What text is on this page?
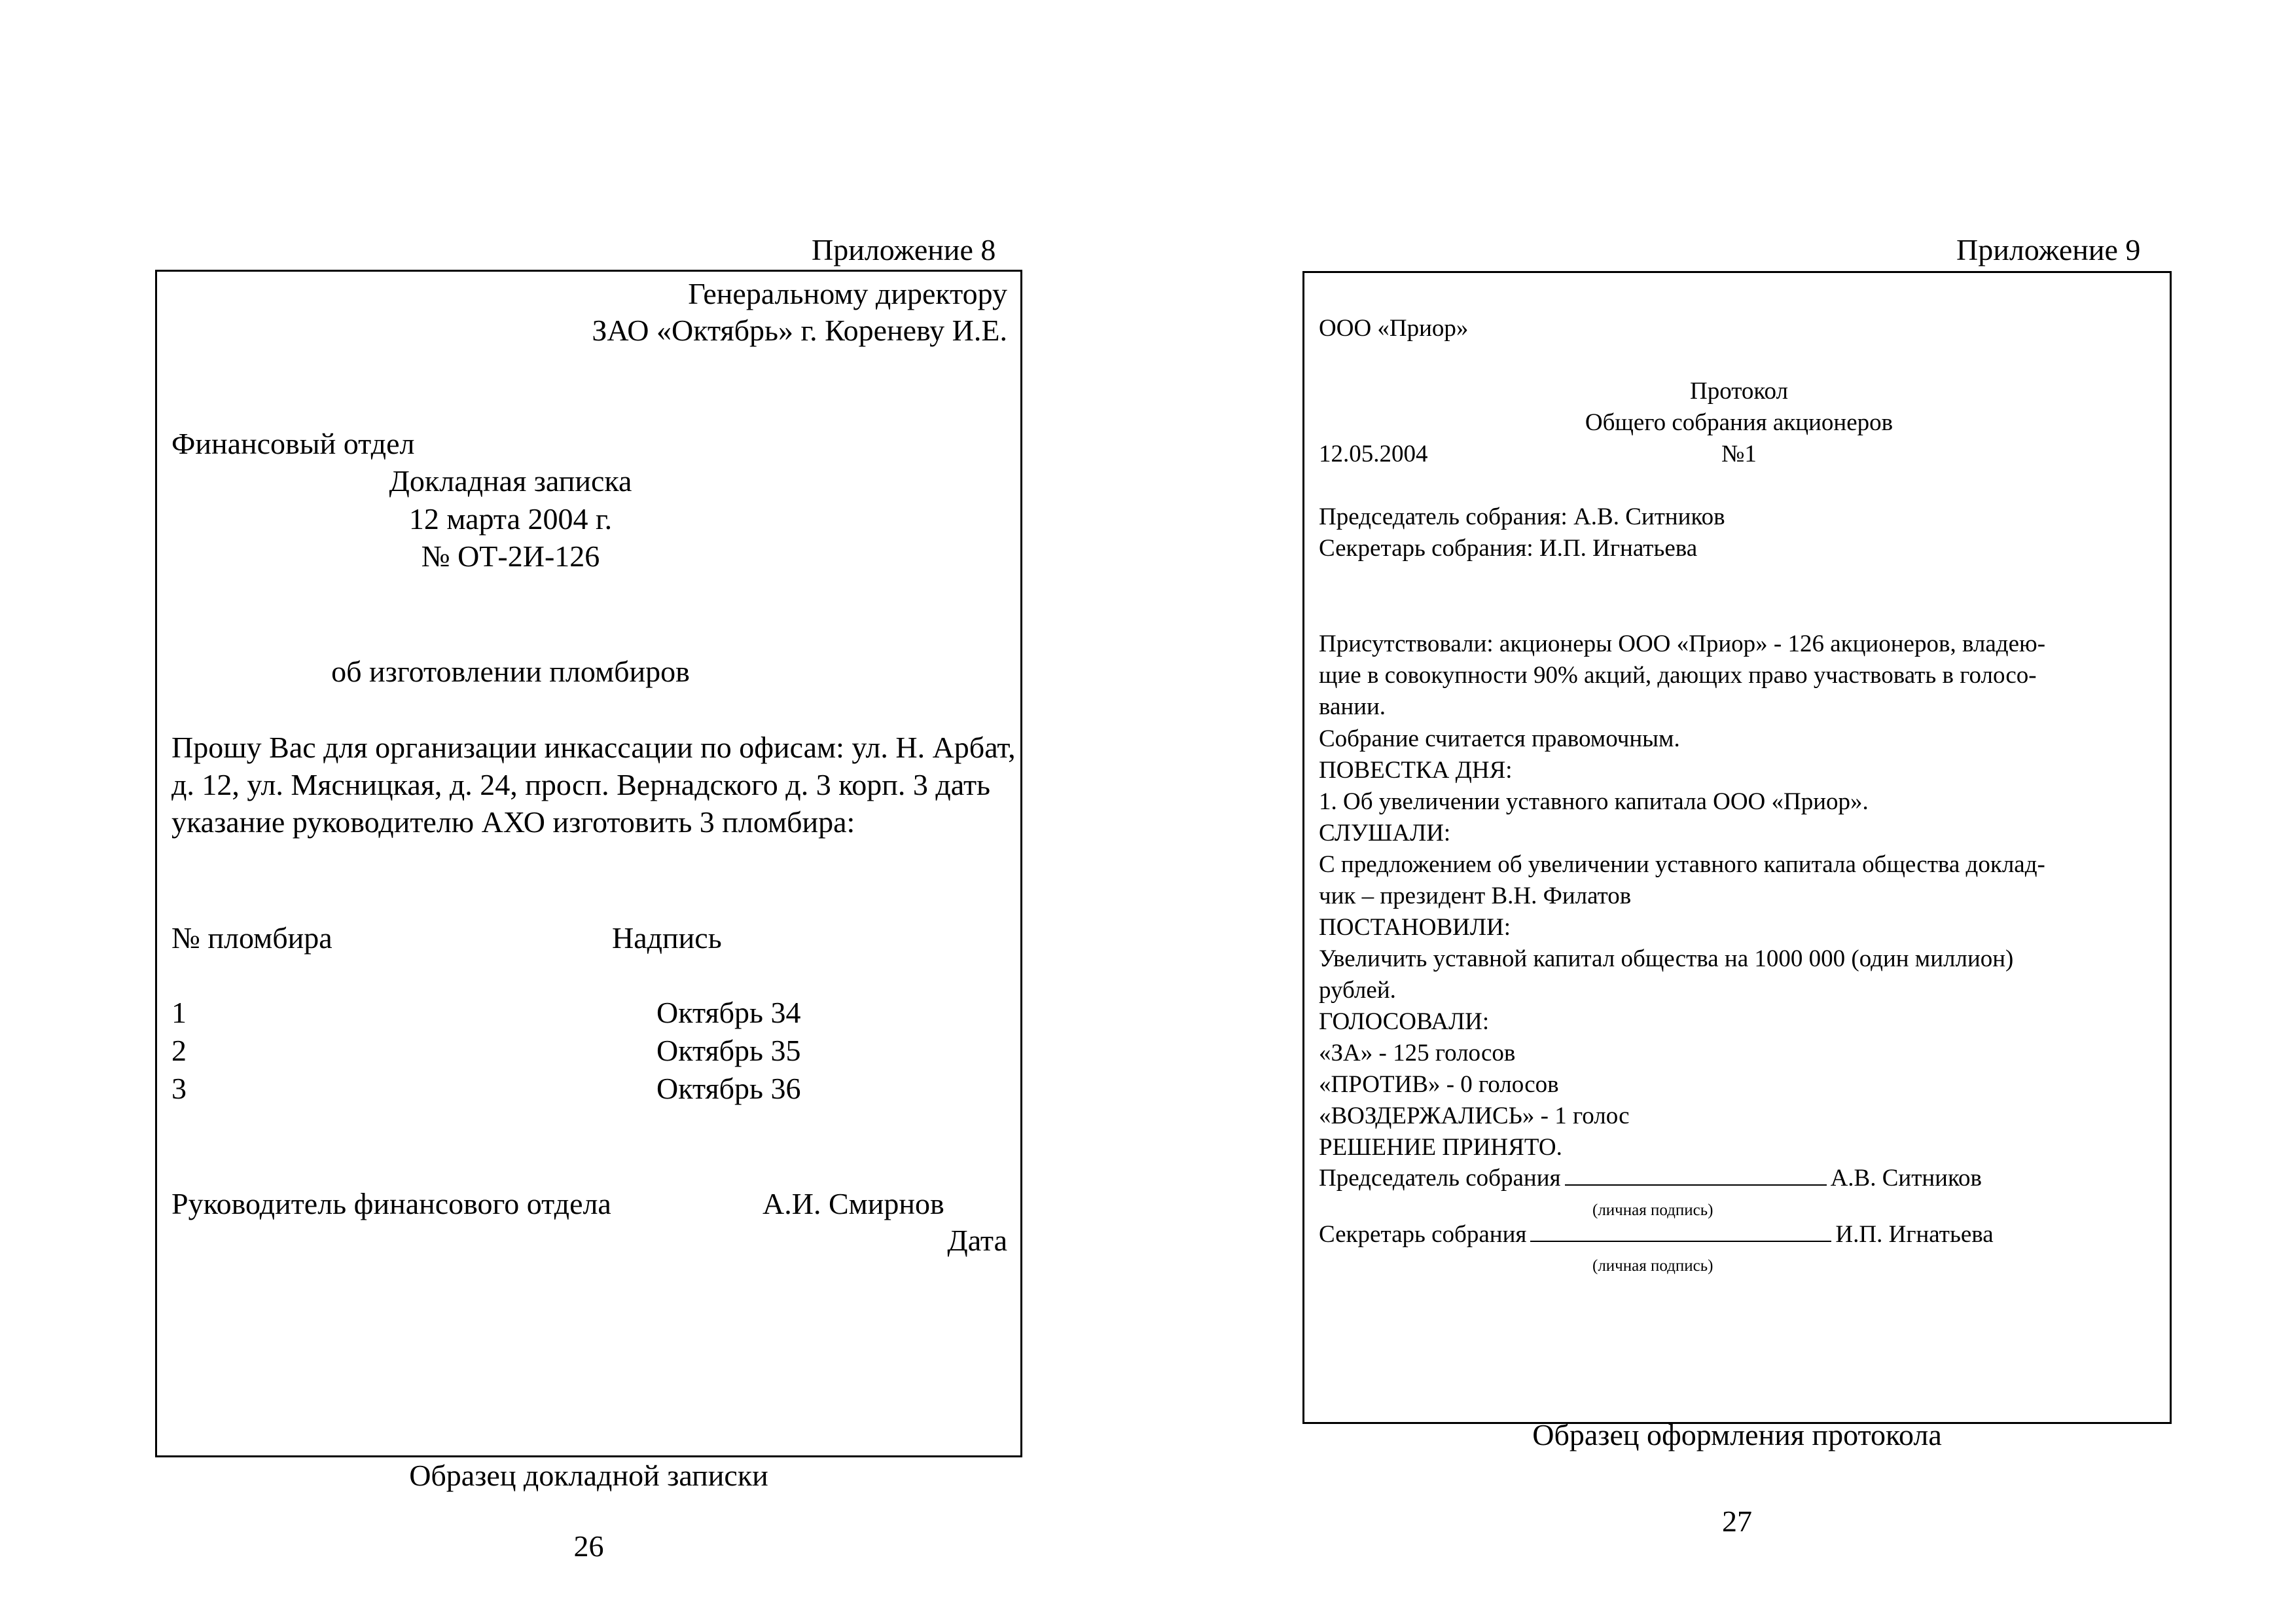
Приложение 8
Генеральному директору
ЗАО «Октябрь» г. Кореневу И.Е.
Финансовый отдел
Докладная записка
12 марта 2004 г.
№ ОТ-2И-126
об изготовлении пломбиров
Прошу Вас для организации инкассации по офисам: ул. Н. Арбат, д. 12, ул. Мясницкая, д. 24, просп. Вернадского д. 3 корп. 3 дать указание руководителю АХО изготовить 3 пломбира:
№ пломбира	Надпись
1	Октябрь 34
2	Октябрь 35
3	Октябрь 36
Руководитель финансового отдела	А.И. Смирнов
Дата
Образец докладной записки
26
Приложение 9
ООО «Приор»
Протокол
Общего собрания акционеров
12.05.2004	№1
Председатель собрания: А.В. Ситников
Секретарь собрания: И.П. Игнатьева
Присутствовали: акционеры ООО «Приор» - 126 акционеров, владею-
щие в совокупности 90% акций, дающих право участвовать в голосо-
вании.
Собрание считается правомочным.
ПОВЕСТКА ДНЯ:
1. Об увеличении уставного капитала ООО «Приор».
СЛУШАЛИ:
С предложением об увеличении уставного капитала общества доклад-
чик – президент В.Н. Филатов
ПОСТАНОВИЛИ:
Увеличить уставной капитал общества на 1000 000 (один миллион)
рублей.
ГОЛОСОВАЛИ:
«ЗА» - 125 голосов
«ПРОТИВ» - 0 голосов
«ВОЗДЕРЖАЛИСЬ» - 1 голос
РЕШЕНИЕ ПРИНЯТО.
Председатель собрания	А.В. Ситников
(личная подпись)
Секретарь собрания	И.П. Игнатьева
(личная подпись)
Образец оформления протокола
27
